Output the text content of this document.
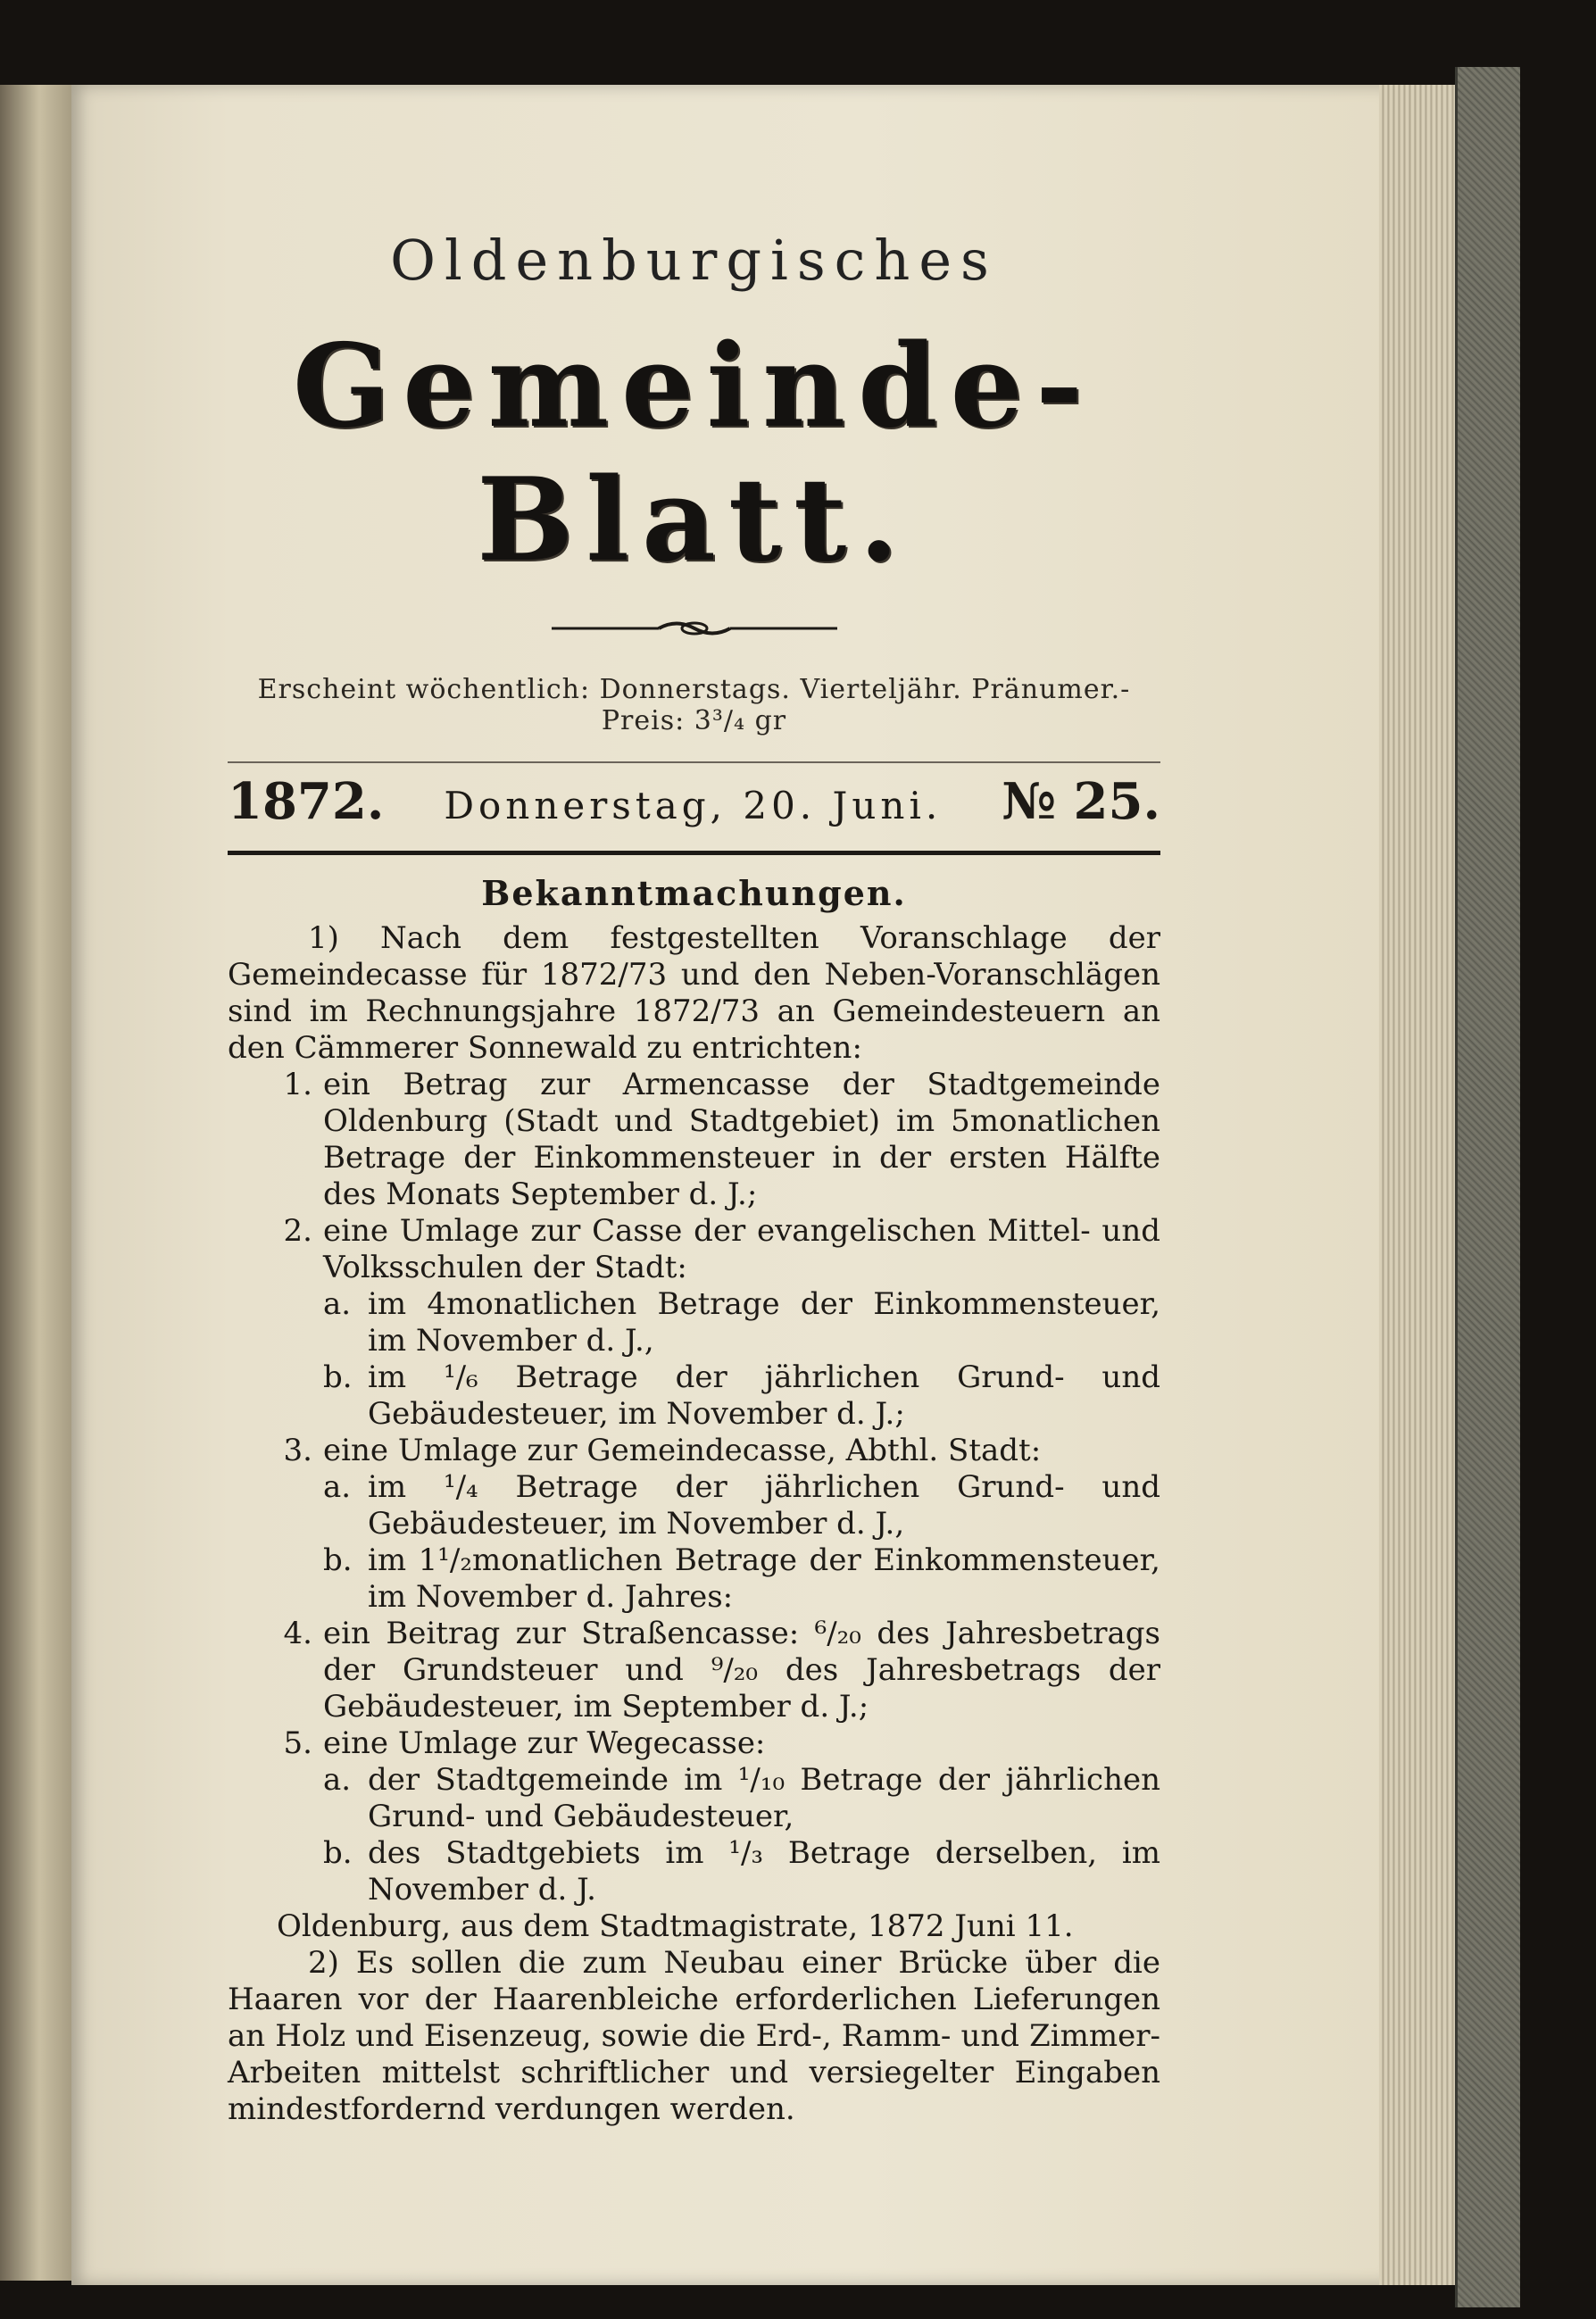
Oldenburgisches
Gemeinde-Blatt.
Erscheint wöchentlich: Donnerstags. Vierteljähr. Pränumer.-Preis: 3³/₄ gr
1872. Donnerstag, 20. Juni. № 25.
Bekanntmachungen.

1) Nach dem festgestellten Voranschlage der Gemeindecasse für 1872/73 und den Neben-Voranschlägen sind im Rechnungsjahre 1872/73 an Gemeindesteuern an den Cämmerer Sonnewald zu entrichten:

1. ein Betrag zur Armencasse der Stadtgemeinde Oldenburg (Stadt und Stadtgebiet) im 5monatlichen Betrage der Einkommensteuer in der ersten Hälfte des Monats September d. J.;
2. eine Umlage zur Casse der evangelischen Mittel- und Volksschulen der Stadt:
a. im 4monatlichen Betrage der Einkommensteuer, im November d. J.,
b. im ¹/₆ Betrage der jährlichen Grund- und Gebäudesteuer, im November d. J.;
3. eine Umlage zur Gemeindecasse, Abthl. Stadt:
a. im ¹/₄ Betrage der jährlichen Grund- und Gebäudesteuer, im November d. J.,
b. im 1¹/₂monatlichen Betrage der Einkommensteuer, im November d. Jahres:
4. ein Beitrag zur Straßencasse: ⁶/₂₀ des Jahresbetrags der Grundsteuer und ⁹/₂₀ des Jahresbetrags der Gebäudesteuer, im September d. J.;
5. eine Umlage zur Wegecasse:
a. der Stadtgemeinde im ¹/₁₀ Betrage der jährlichen Grund- und Gebäudesteuer,
b. des Stadtgebiets im ¹/₃ Betrage derselben, im November d. J.

Oldenburg, aus dem Stadtmagistrate, 1872 Juni 11.

2) Es sollen die zum Neubau einer Brücke über die Haaren vor der Haarenbleiche erforderlichen Lieferungen an Holz und Eisenzeug, sowie die Erd-, Ramm- und Zimmer-Arbeiten mittelst schriftlicher und versiegelter Eingaben mindestfordernd verdungen werden.
